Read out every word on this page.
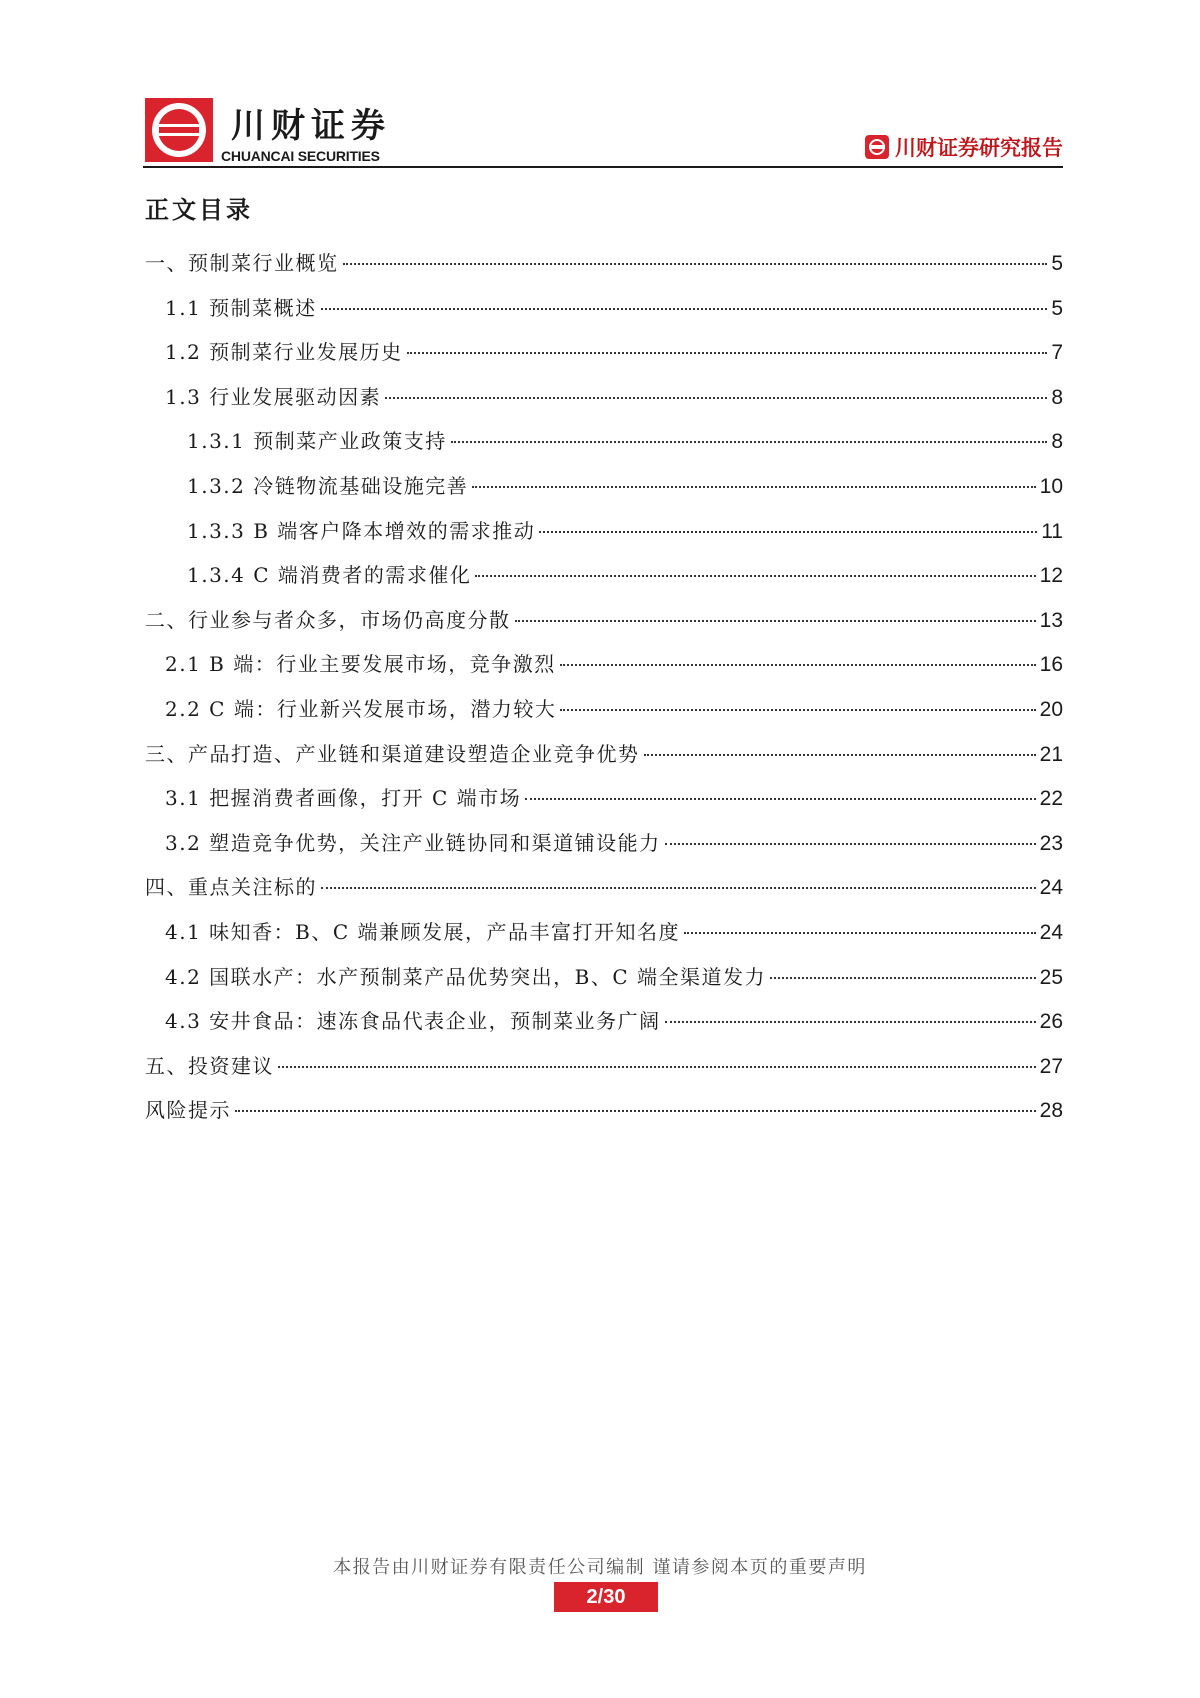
川财证券
CHUANCAI SECURITIES	川财证券研究报告
正文目录
一、预制菜行业概览	5
1.1 预制菜概述	5
1.2 预制菜行业发展历史	7
1.3 行业发展驱动因素	8
1.3.1 预制菜产业政策支持	8
1.3.2 冷链物流基础设施完善	10
1.3.3 B 端客户降本增效的需求推动	11
1.3.4 C 端消费者的需求催化	12
二、行业参与者众多，市场仍高度分散	13
2.1 B 端：行业主要发展市场，竞争激烈	16
2.2 C 端：行业新兴发展市场，潜力较大	20
三、产品打造、产业链和渠道建设塑造企业竞争优势	21
3.1 把握消费者画像，打开 C 端市场	22
3.2 塑造竞争优势，关注产业链协同和渠道铺设能力	23
四、重点关注标的	24
4.1 味知香：B、C 端兼顾发展，产品丰富打开知名度	24
4.2 国联水产：水产预制菜产品优势突出，B、C 端全渠道发力	25
4.3 安井食品：速冻食品代表企业，预制菜业务广阔	26
五、投资建议	27
风险提示	28
本报告由川财证券有限责任公司编制 谨请参阅本页的重要声明
2/30
